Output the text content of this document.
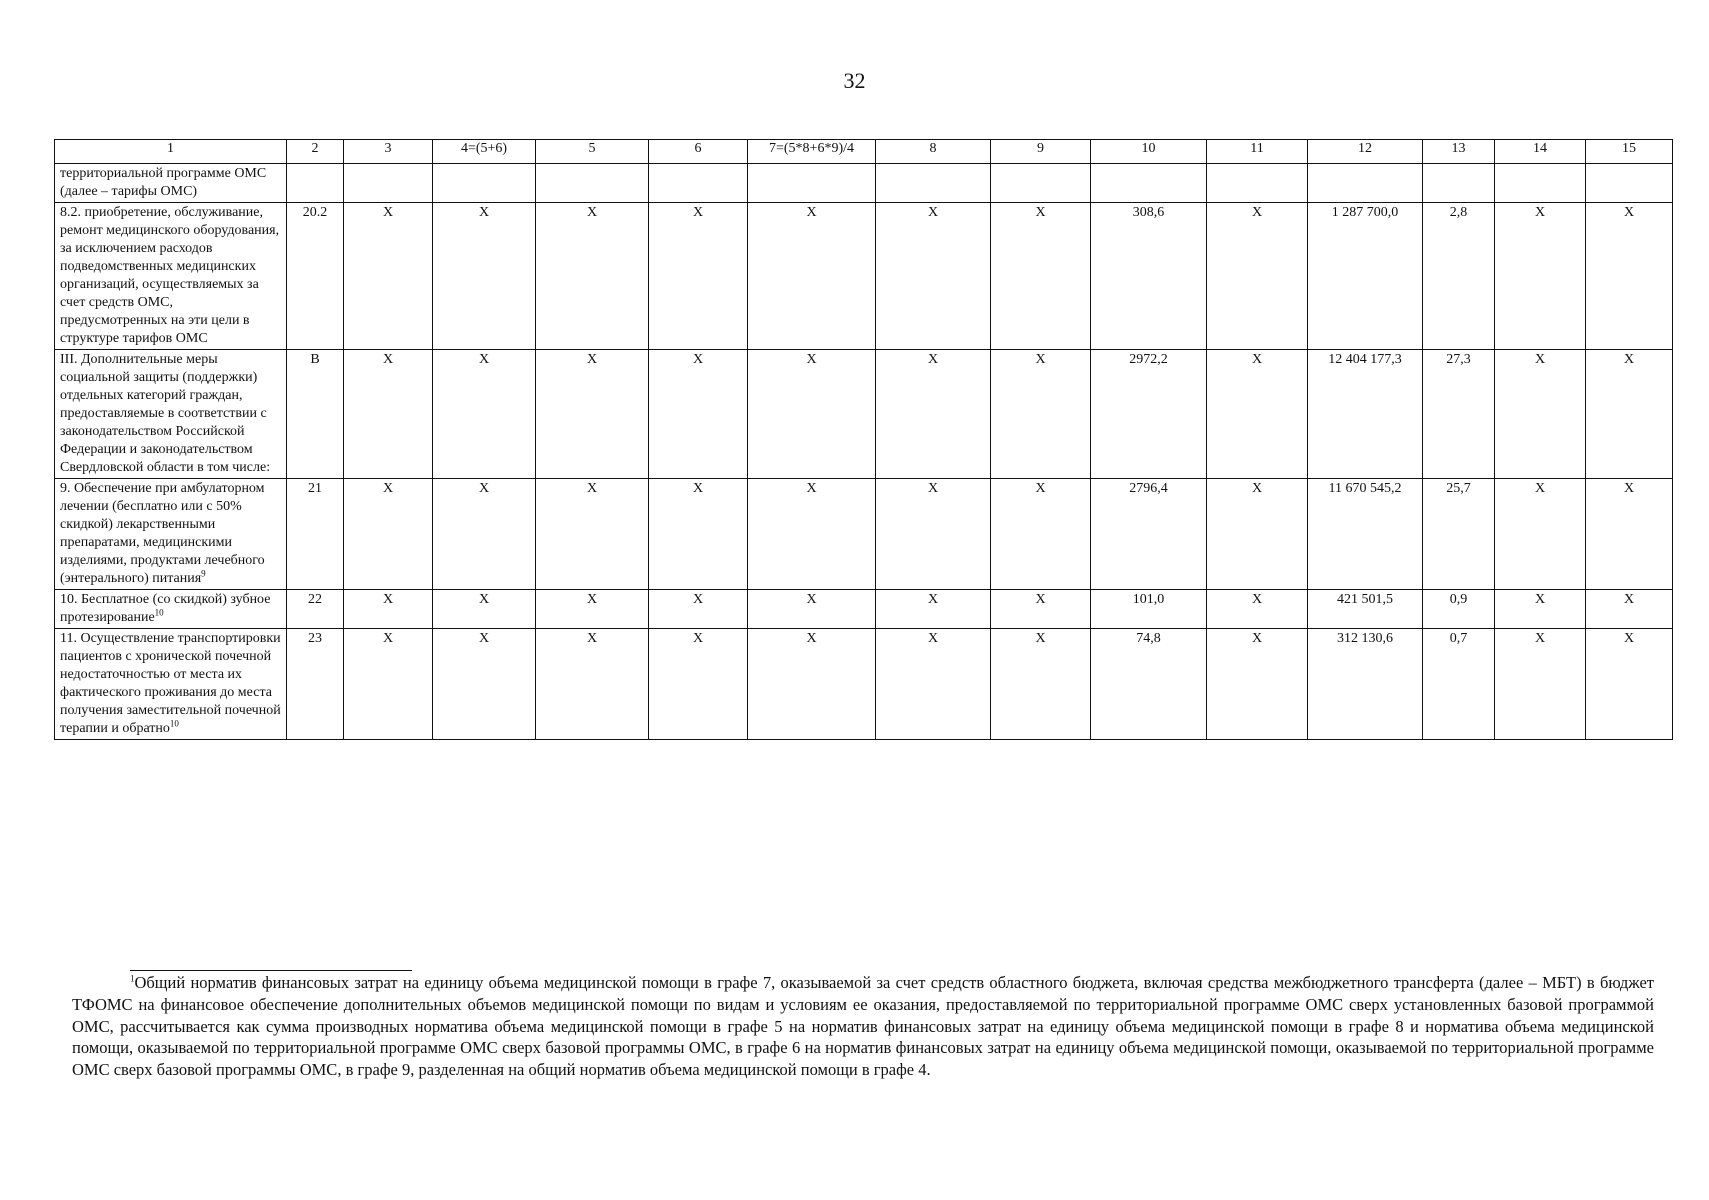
32
1	2	3	4=(5+6)	5	6	7=(5*8+6*9)/4	8	9	10	11	12	13	14	15
территориальной программе ОМС (далее – тарифы ОМС)														
8.2. приобретение, обслуживание, ремонт медицинского оборудования, за исключением расходов подведомственных медицинских организаций, осуществляемых за счет средств ОМС, предусмотренных на эти цели в структуре тарифов ОМС	20.2	X	X	X	X	X	X	X	308,6	X	1 287 700,0	2,8	X	X
III. Дополнительные меры социальной защиты (поддержки) отдельных категорий граждан, предоставляемые в соответствии с законодательством Российской Федерации и законодательством Свердловской области в том числе:	В	X	X	X	X	X	X	X	2972,2	X	12 404 177,3	27,3	X	X
9. Обеспечение при амбулаторном лечении (бесплатно или с 50% скидкой) лекарственными препаратами, медицинскими изделиями, продуктами лечебного (энтерального) питания$^9$	21	X	X	X	X	X	X	X	2796,4	X	11 670 545,2	25,7	X	X
10. Бесплатное (со скидкой) зубное протезирование$^{10}$	22	X	X	X	X	X	X	X	101,0	X	421 501,5	0,9	X	X
11. Осуществление транспортировки пациентов с хронической почечной недостаточностью от места их фактического проживания до места получения заместительной почечной терапии и обратно$^{10}$	23	X	X	X	X	X	X	X	74,8	X	312 130,6	0,7	X	X
$^1$Общий норматив финансовых затрат на единицу объема медицинской помощи в графе 7, оказываемой за счет средств областного бюджета, включая средства межбюджетного трансферта (далее – МБТ) в бюджет ТФОМС на финансовое обеспечение дополнительных объемов медицинской помощи по видам и условиям ее оказания, предоставляемой по территориальной программе ОМС сверх установленных базовой программой ОМС, рассчитывается как сумма производных норматива объема медицинской помощи в графе 5 на норматив финансовых затрат на единицу объема медицинской помощи в графе 8 и норматива объема медицинской помощи, оказываемой по территориальной программе ОМС сверх базовой программы ОМС, в графе 6 на норматив финансовых затрат на единицу объема медицинской помощи, оказываемой по территориальной программе ОМС сверх базовой программы ОМС, в графе 9, разделенная на общий норматив объема медицинской помощи в графе 4.
